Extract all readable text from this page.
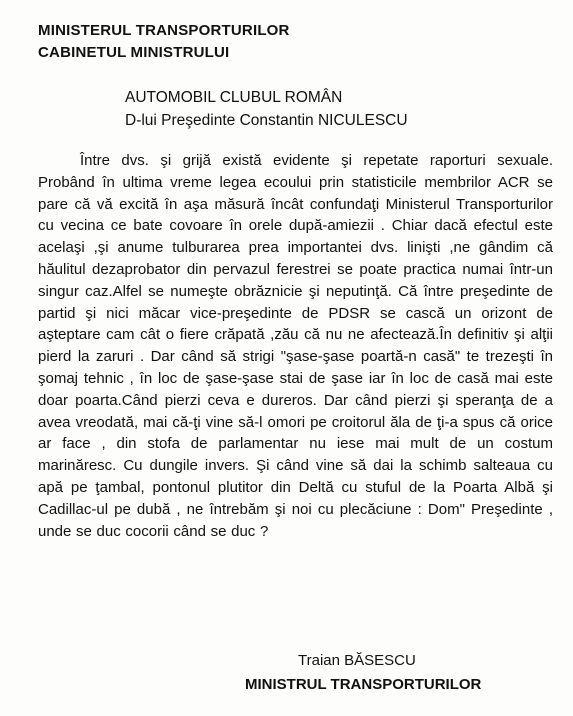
MINISTERUL TRANSPORTURILOR
CABINETUL MINISTRULUI
AUTOMOBIL CLUBUL ROMÂN
D-lui Preşedinte Constantin NICULESCU
Între dvs. şi grijă există evidente şi repetate raporturi sexuale. Probând în ultima vreme legea ecoului prin statisticile membrilor ACR se pare că vă excită în aşa măsură încât confundaţi Ministerul Transporturilor cu vecina ce bate covoare în orele după-amiezii . Chiar dacă efectul este acelaşi ,şi anume tulburarea prea importantei dvs. linişti ,ne gândim că hăulitul dezaprobator din pervazul ferestrei se poate practica numai într-un singur caz.Alfel se numeşte obrăznicie şi neputinţă. Că între preşedinte de partid şi nici măcar vice-preşedinte de PDSR se cască un orizont de aşteptare cam cât o fiere crăpată ,zău că nu ne afectează.În definitiv şi alţii pierd la zaruri . Dar când să strigi "şase-şase poartă-n casă" te trezeşti în şomaj tehnic , în loc de şase-şase stai de şase iar în loc de casă mai este doar poarta.Când pierzi ceva e dureros. Dar când pierzi şi speranţa de a avea vreodată, mai că-ţi vine să-l omori pe croitorul ăla de ţi-a spus că orice ar face , din stofa de parlamentar nu iese mai mult de un costum marinăresc. Cu dungile invers. Şi când vine să dai la schimb salteaua cu apă pe ţambal, pontonul plutitor din Deltă cu stuful de la Poarta Albă şi Cadillac-ul pe dubă , ne întrebăm şi noi cu plecăciune : Dom" Preşedinte , unde se duc cocorii când se duc ?
Traian BĂSESCU
MINISTRUL TRANSPORTURILOR
